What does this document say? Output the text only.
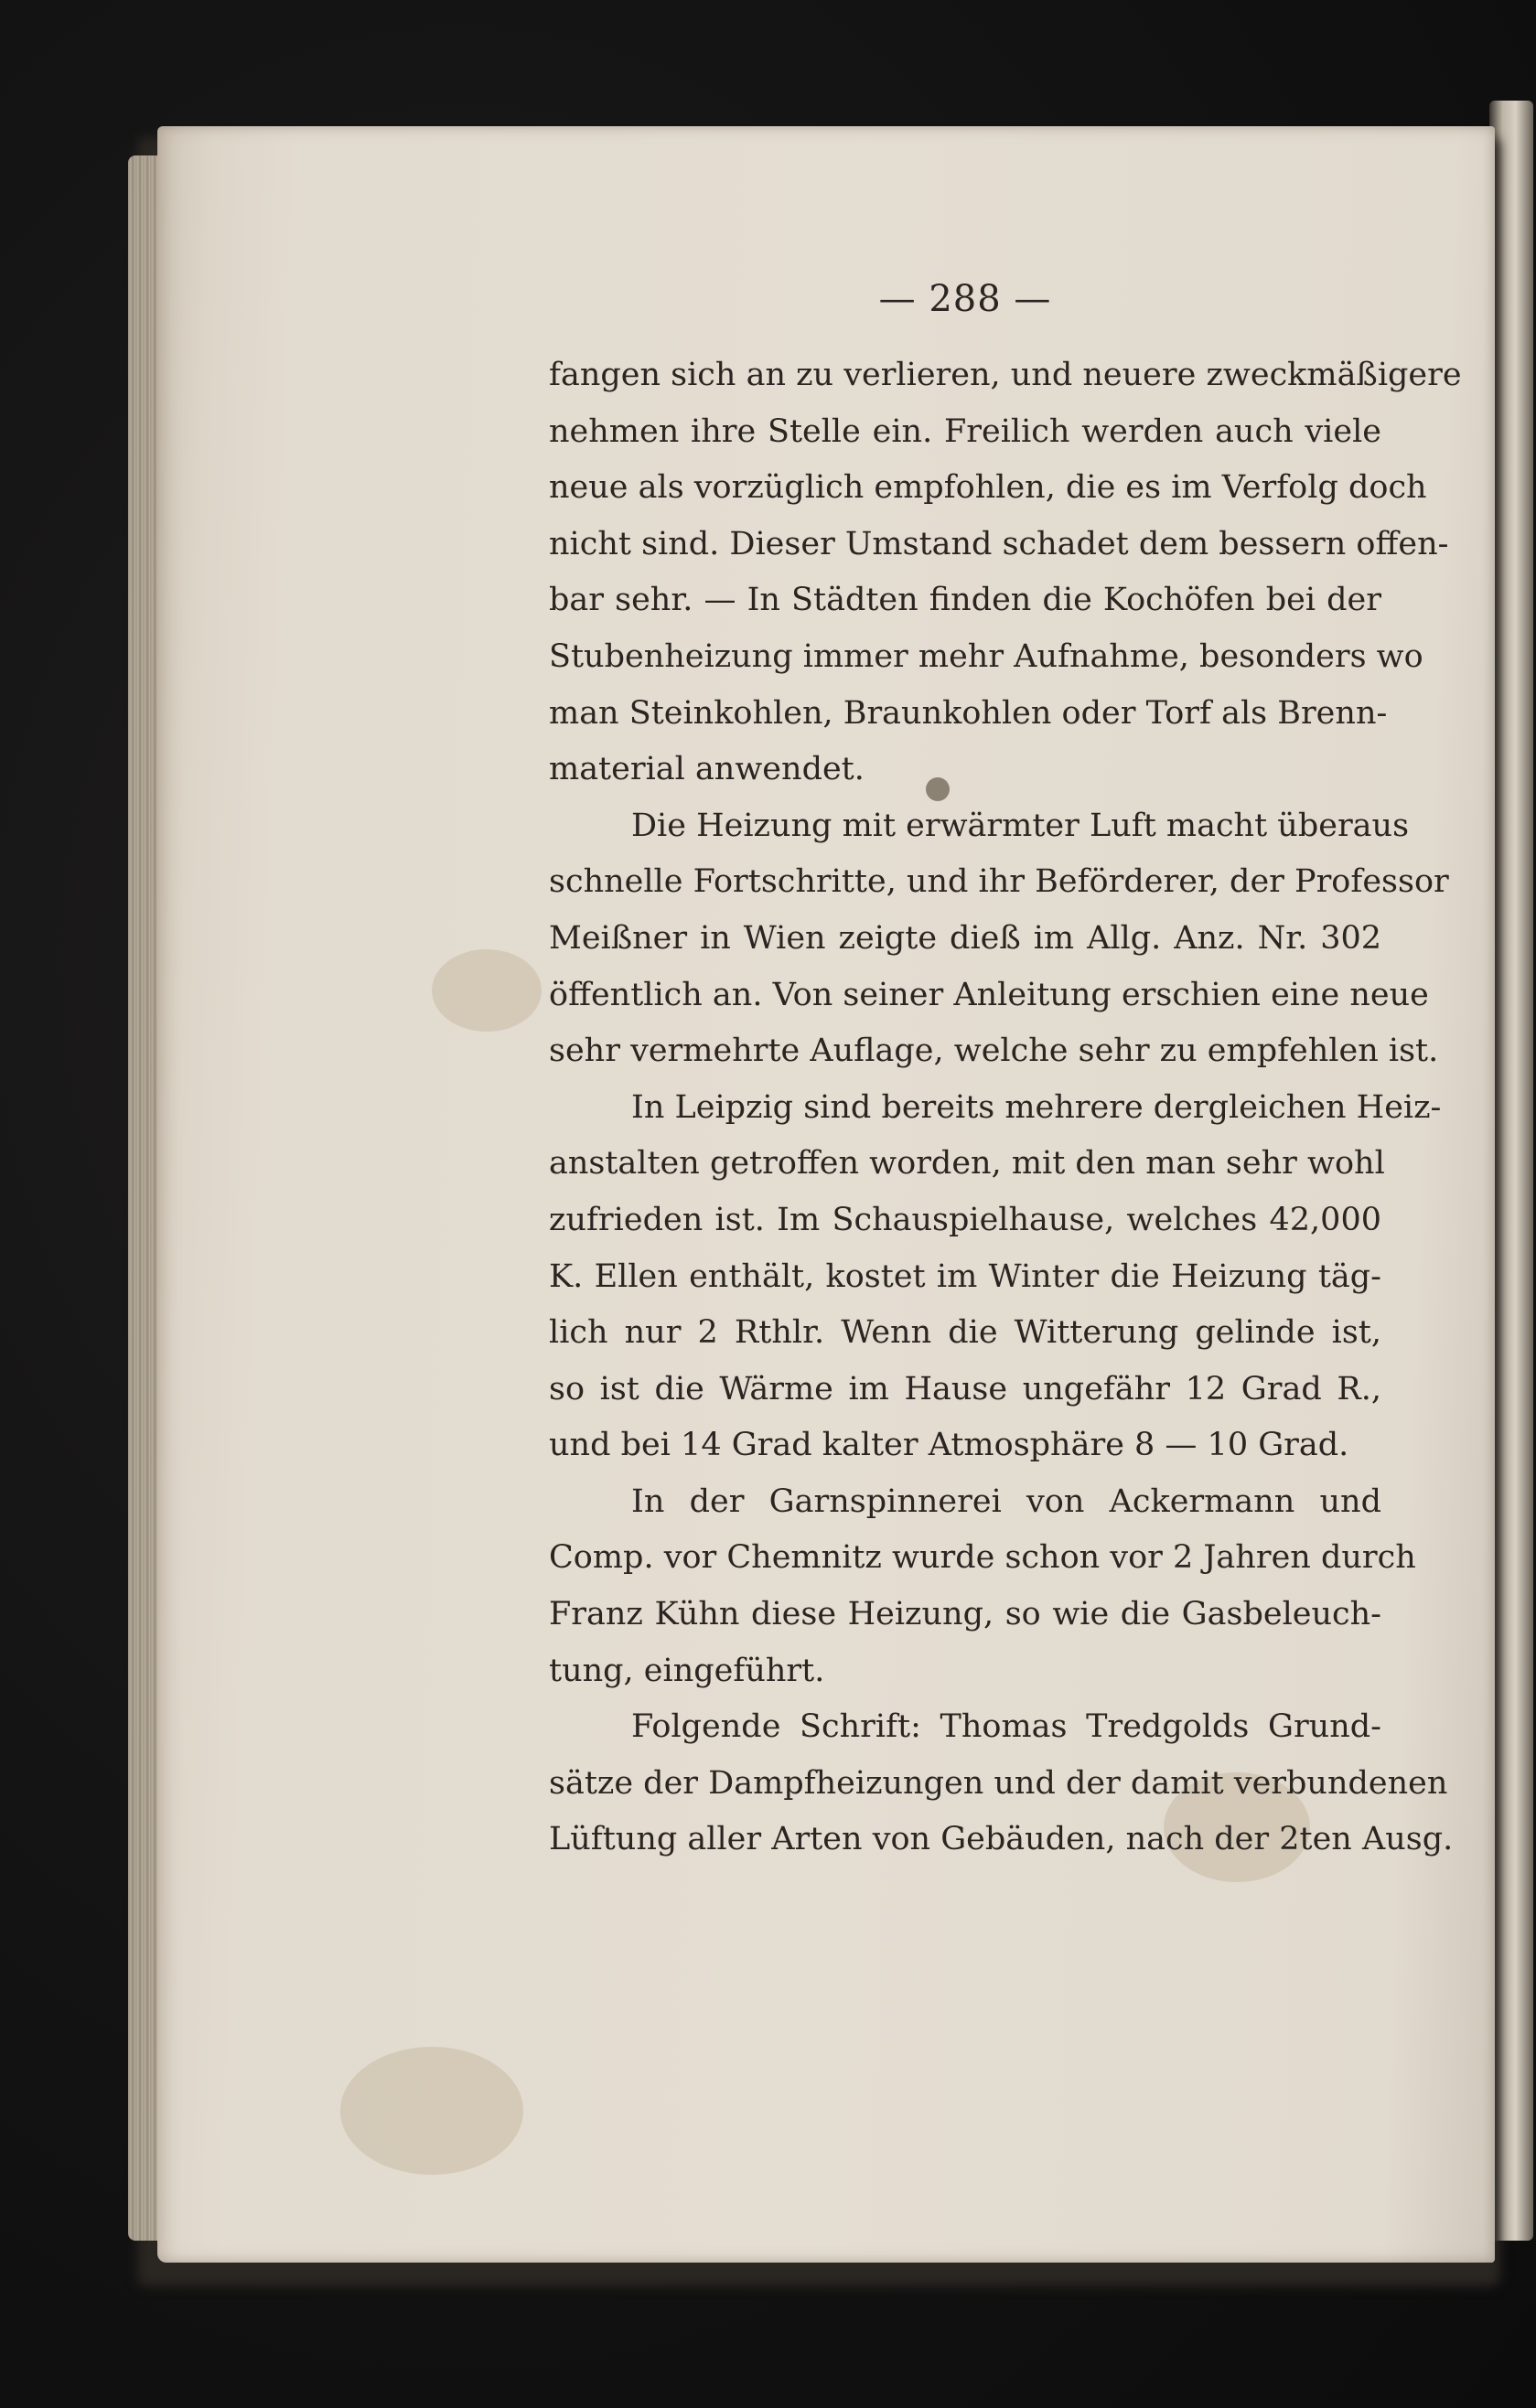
— 288 —
fangen sich an zu verlieren, und neuere zweckmäßigere
nehmen ihre Stelle ein. Freilich werden auch viele
neue als vorzüglich empfohlen, die es im Verfolg doch
nicht sind. Dieser Umstand schadet dem bessern offen-
bar sehr. — In Städten finden die Kochöfen bei der
Stubenheizung immer mehr Aufnahme, besonders wo
man Steinkohlen, Braunkohlen oder Torf als Brenn-
material anwendet.
Die Heizung mit erwärmter Luft macht überaus
schnelle Fortschritte, und ihr Beförderer, der Professor
Meißner in Wien zeigte dieß im Allg. Anz. Nr. 302
öffentlich an. Von seiner Anleitung erschien eine neue
sehr vermehrte Auflage, welche sehr zu empfehlen ist.
In Leipzig sind bereits mehrere dergleichen Heiz-
anstalten getroffen worden, mit den man sehr wohl
zufrieden ist. Im Schauspielhause, welches 42,000
K. Ellen enthält, kostet im Winter die Heizung täg-
lich nur 2 Rthlr. Wenn die Witterung gelinde ist,
so ist die Wärme im Hause ungefähr 12 Grad R.,
und bei 14 Grad kalter Atmosphäre 8 — 10 Grad.
In der Garnspinnerei von Ackermann und
Comp. vor Chemnitz wurde schon vor 2 Jahren durch
Franz Kühn diese Heizung, so wie die Gasbeleuch-
tung, eingeführt.
Folgende Schrift: Thomas Tredgolds Grund-
sätze der Dampfheizungen und der damit verbundenen
Lüftung aller Arten von Gebäuden, nach der 2ten Ausg.
